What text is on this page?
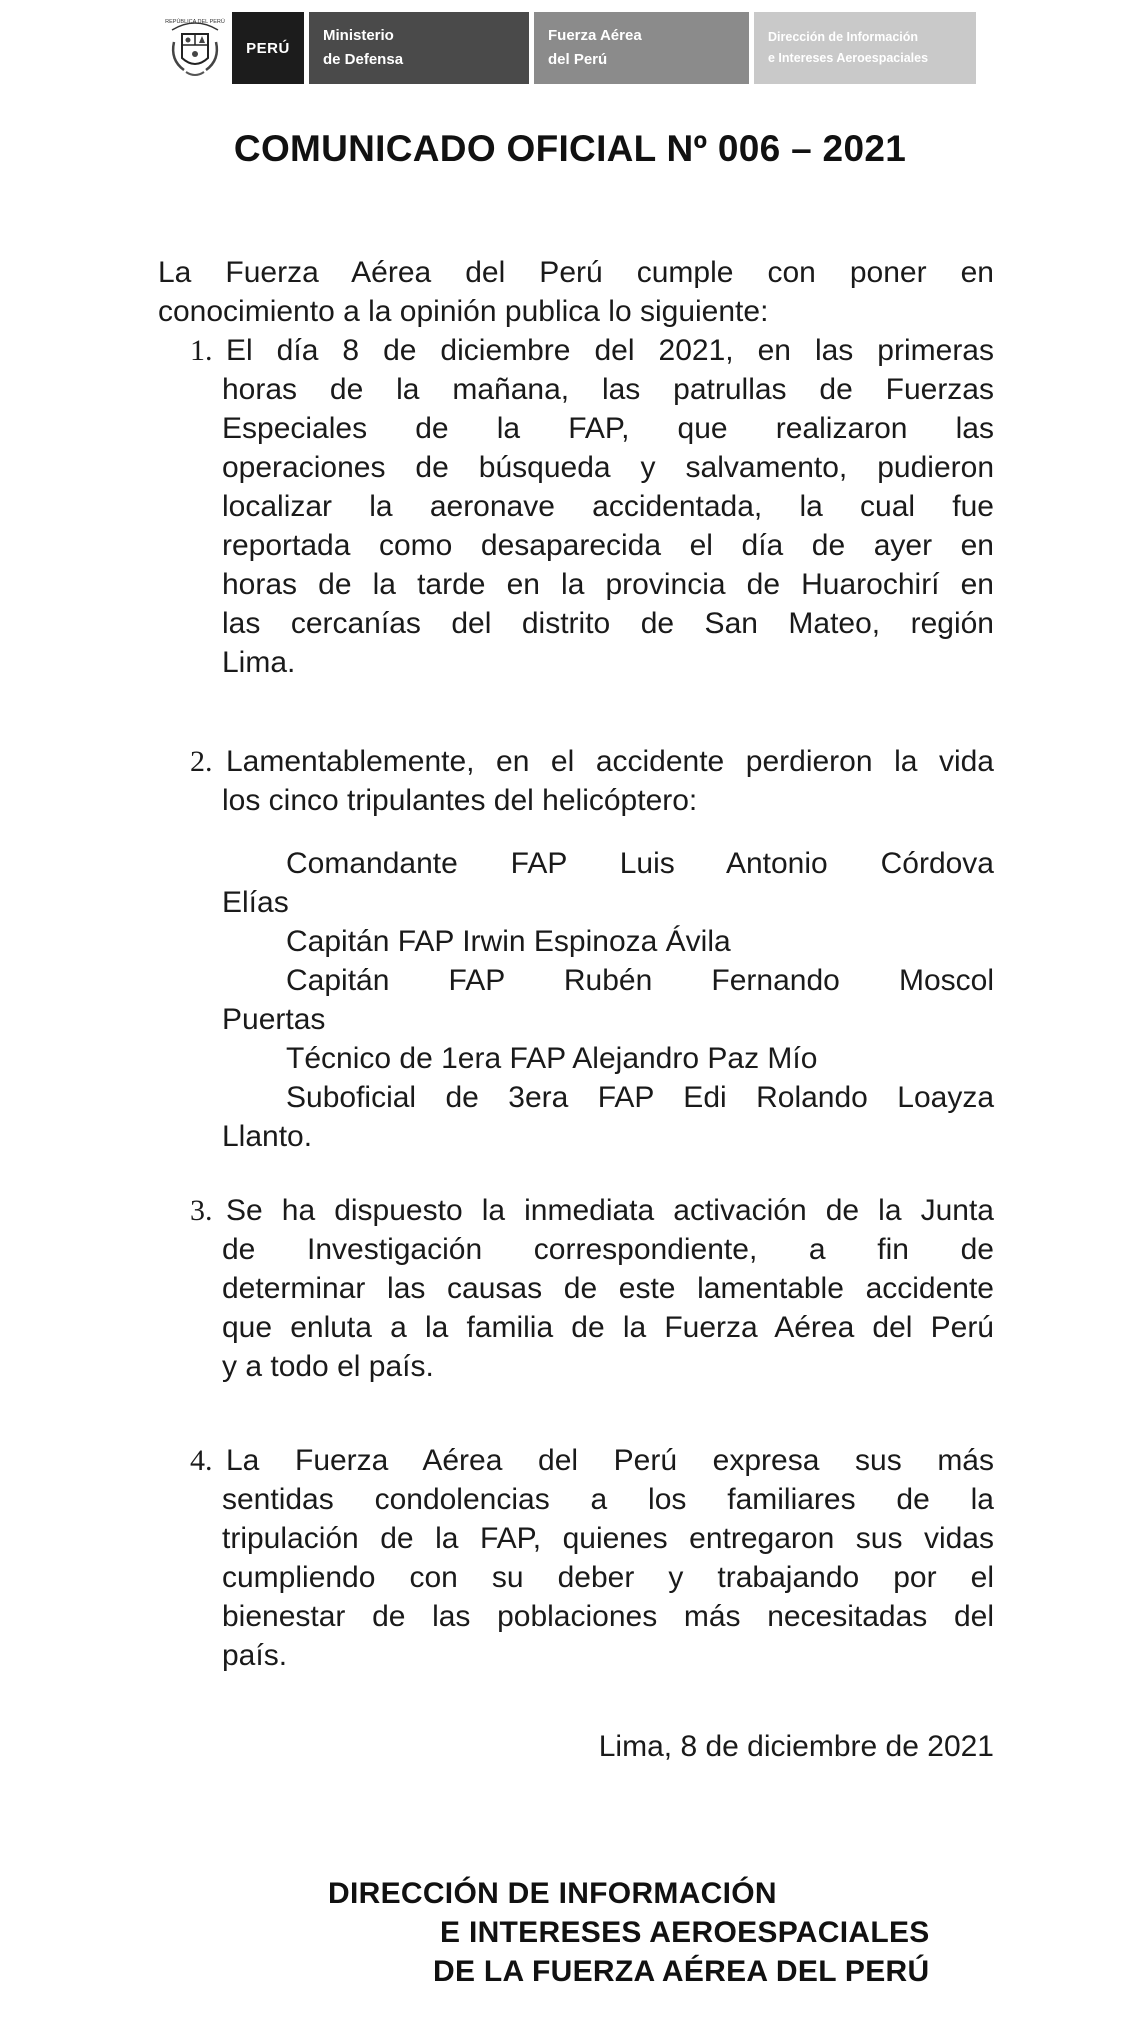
REPÚBLICA DEL PERÚ
PERÚ
Ministerio
de Defensa
Fuerza Aérea
del Perú
Dirección de Información
e Intereses Aeroespaciales
COMUNICADO OFICIAL Nº 006 – 2021
La Fuerza Aérea del Perú cumple con poner en
conocimiento a la opinión publica lo siguiente:
1. El día 8 de diciembre del 2021, en las primeras
horas de la mañana, las patrullas de Fuerzas
Especiales de la FAP, que realizaron las
operaciones de búsqueda y salvamento, pudieron
localizar la aeronave accidentada, la cual fue
reportada como desaparecida el día de ayer en
horas de la tarde en la provincia de Huarochirí en
las cercanías del distrito de San Mateo, región
Lima.
2. Lamentablemente, en el accidente perdieron la vida
los cinco tripulantes del helicóptero:
Comandante FAP Luis Antonio Córdova
Elías
Capitán FAP Irwin Espinoza Ávila
Capitán FAP Rubén Fernando Moscol
Puertas
Técnico de 1era FAP Alejandro Paz Mío
Suboficial de 3era FAP Edi Rolando Loayza
Llanto.
3. Se ha dispuesto la inmediata activación de la Junta
de Investigación correspondiente, a fin de
determinar las causas de este lamentable accidente
que enluta a la familia de la Fuerza Aérea del Perú
y a todo el país.
4. La Fuerza Aérea del Perú expresa sus más
sentidas condolencias a los familiares de la
tripulación de la FAP, quienes entregaron sus vidas
cumpliendo con su deber y trabajando por el
bienestar de las poblaciones más necesitadas del
país.
Lima, 8 de diciembre de 2021
DIRECCIÓN DE INFORMACIÓN
E INTERESES AEROESPACIALES
DE LA FUERZA AÉREA DEL PERÚ
